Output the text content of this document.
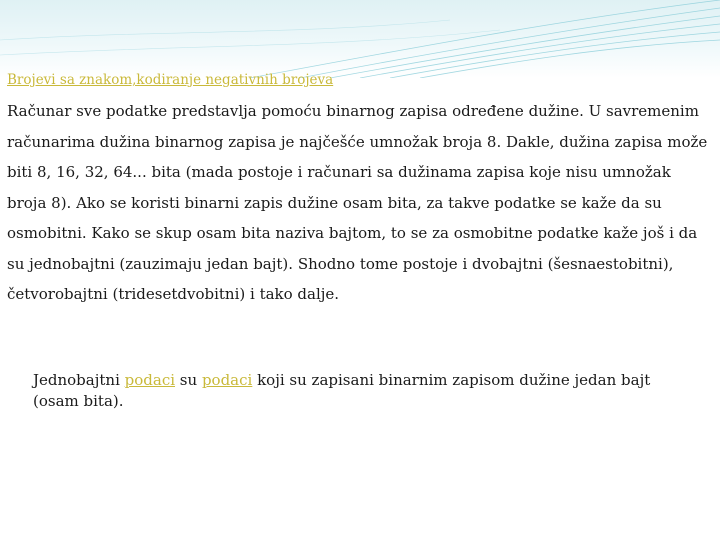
Brojevi sa znakom,kodiranje negativnih brojeva

Računar sve podatke predstavlja pomoću binarnog zapisa određene dužine. U savremenim računarima dužina binarnog zapisa je najčešće umnožak broja 8. Dakle, dužina zapisa može biti 8, 16, 32, 64... bita (mada postoje i računari sa dužinama zapisa koje nisu umnožak broja 8). Ako se koristi binarni zapis dužine osam bita, za takve podatke se kaže da su osmobitni. Kako se skup osam bita naziva bajtom, to se za osmobitne podatke kaže još i da su jednobajtni (zauzimaju jedan bajt). Shodno tome postoje i dvobajtni (šesnaestobitni), četvorobajtni (tridesetdvobitni) i tako dalje.

Jednobajtni podaci su podaci koji su zapisani binarnim zapisom dužine jedan bajt (osam bita).
